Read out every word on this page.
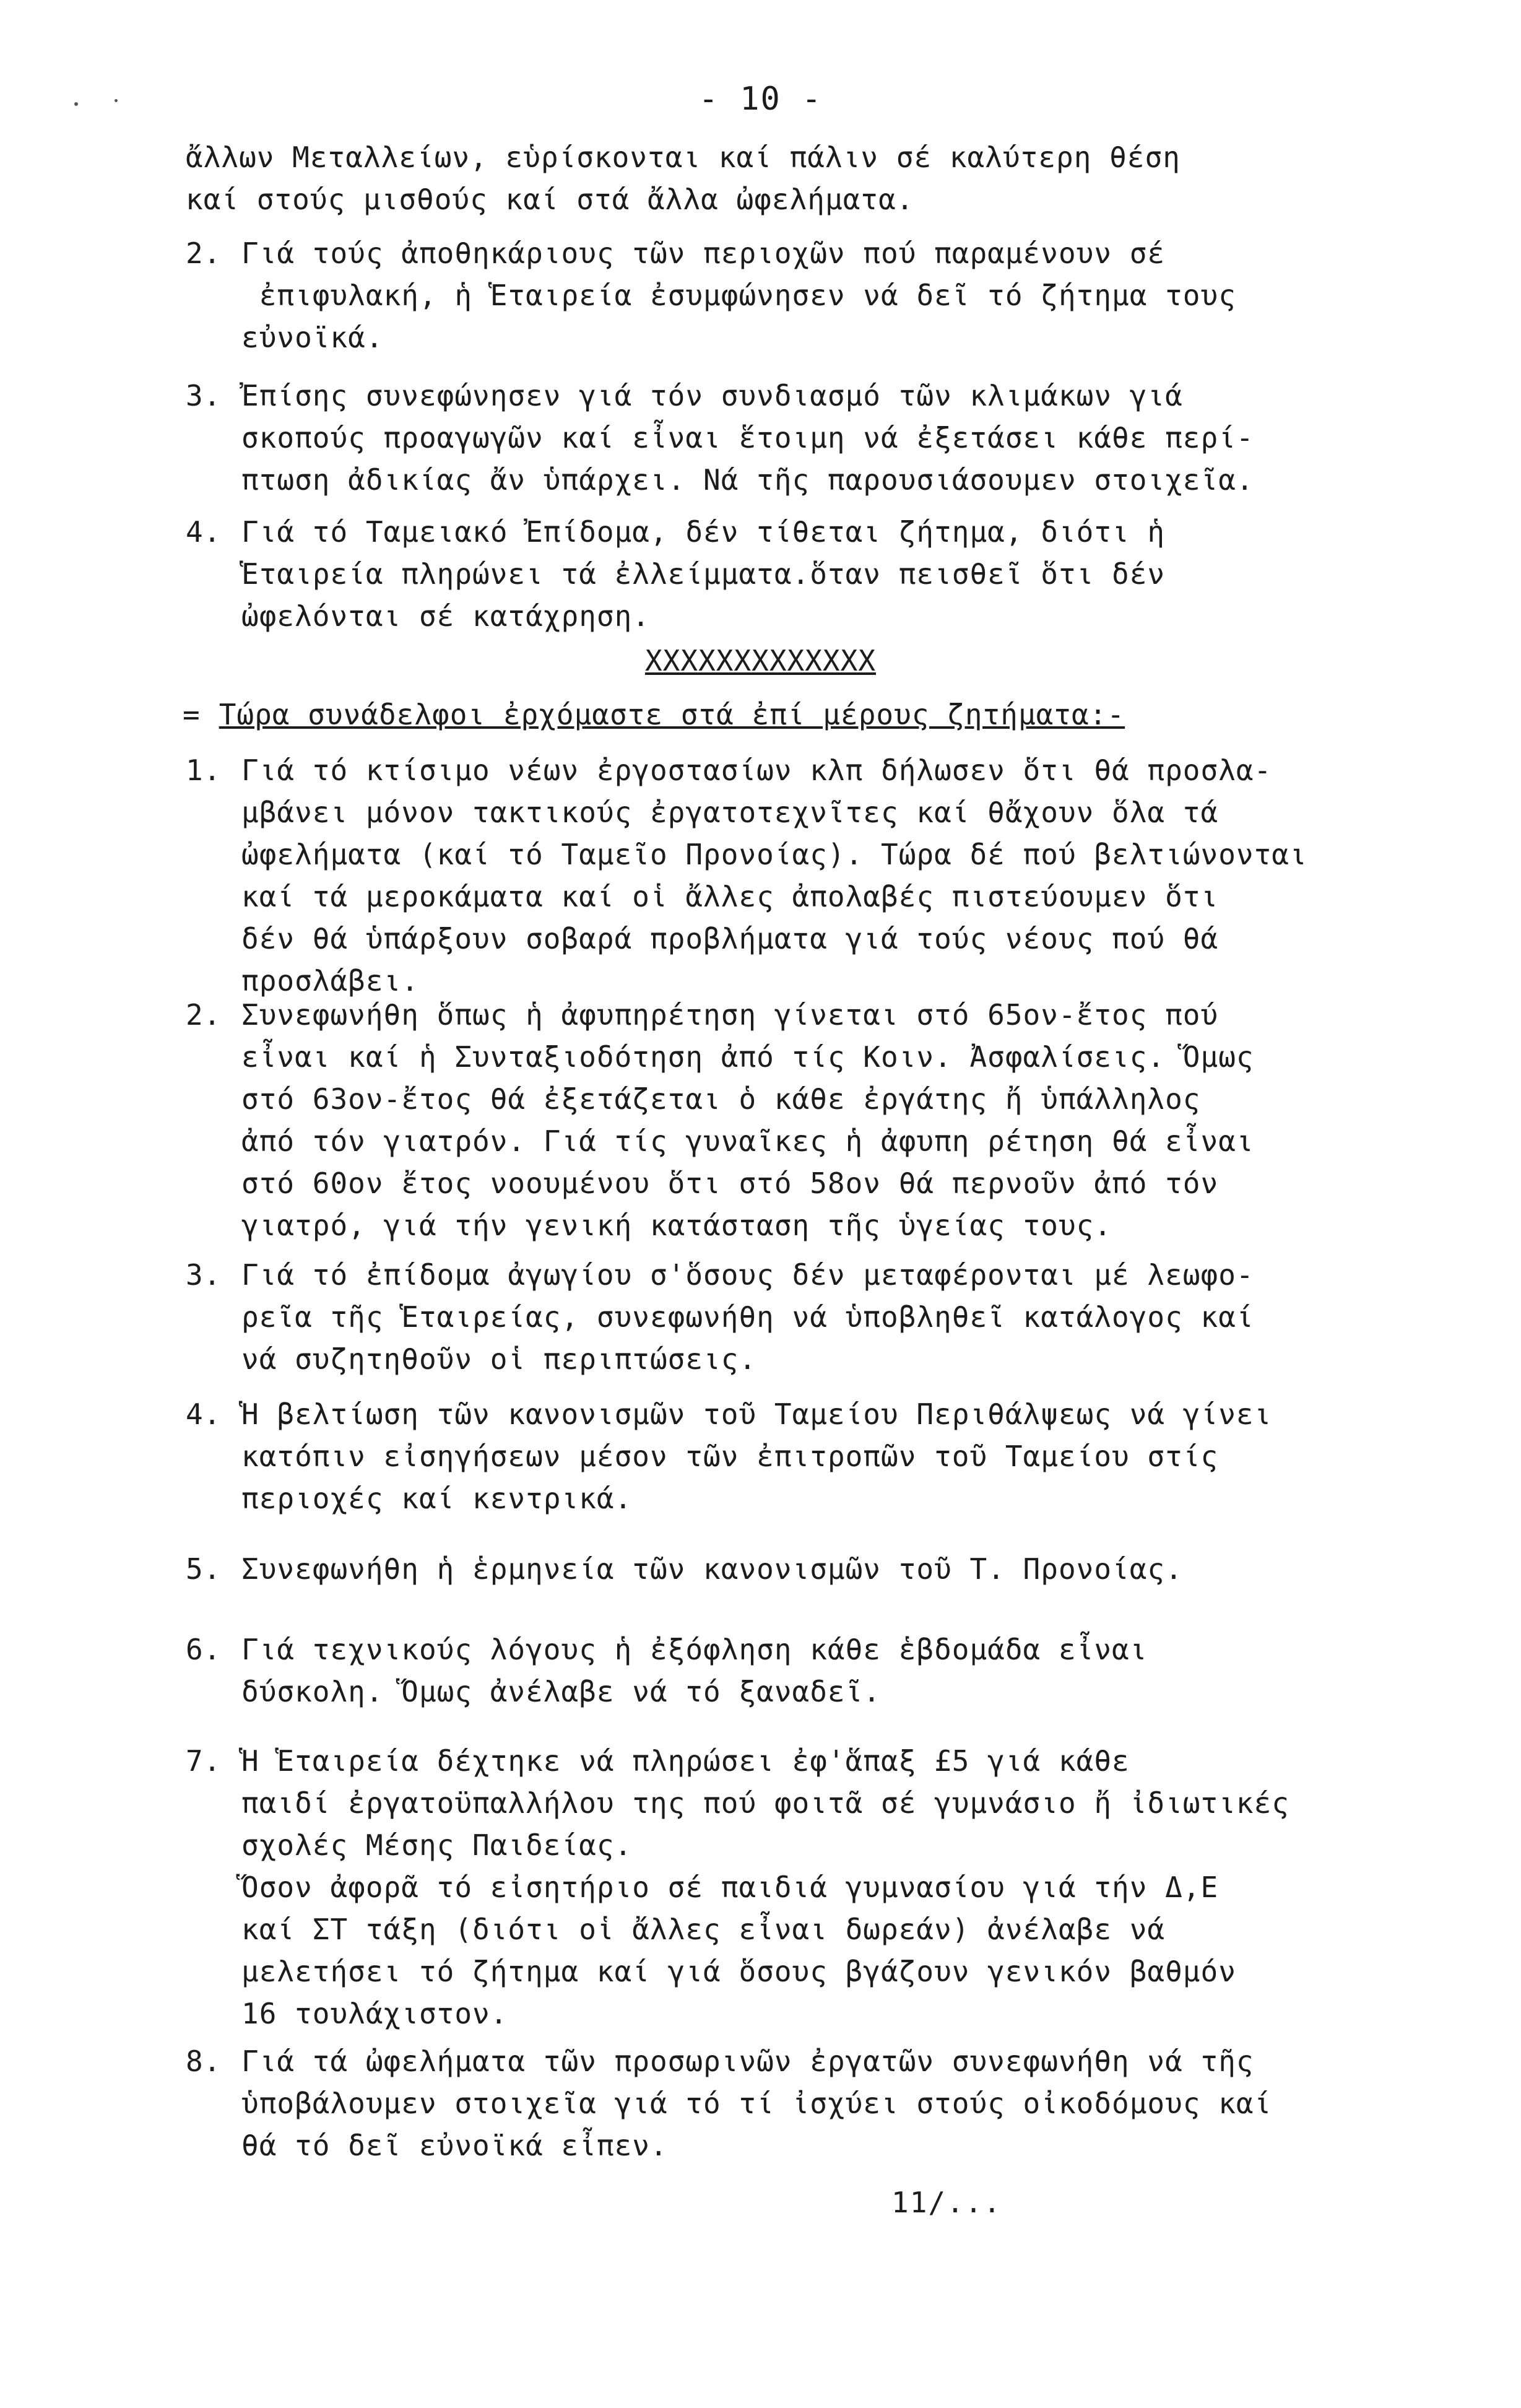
- 10 -
ἄλλων Μεταλλείων, εὑρίσκονται καί πάλιν σέ καλύτερη θέση
καί στούς μισθούς καί στά ἄλλα ὠφελήματα.
2. Γιά τούς ἀποθηκάριους τῶν περιοχῶν πού παραμένουν σέ
ἐπιφυλακή, ἡ Ἑταιρεία ἐσυμφώνησεν νά δεῖ τό ζήτημα τους
εὐνοϊκά.
3. Ἐπίσης συνεφώνησεν γιά τόν συνδιασμό τῶν κλιμάκων γιά
σκοπούς προαγωγῶν καί εἶναι ἕτοιμη νά ἐξετάσει κάθε περί-
πτωση ἀδικίας ἄν ὑπάρχει. Νά τῆς παρουσιάσουμεν στοιχεῖα.
4. Γιά τό Ταμειακό Ἐπίδομα, δέν τίθεται ζήτημα, διότι ἡ
Ἑταιρεία πληρώνει τά ἐλλείμματα.ὅταν πεισθεῖ ὅτι δέν
ὠφελόνται σέ κατάχρηση.
XXXXXXXXXXXXX
= Τώρα συνάδελφοι ἐρχόμαστε στά ἐπί μέρους ζητήματα:-
1. Γιά τό κτίσιμο νέων ἐργοστασίων κλπ δήλωσεν ὅτι θά προσλα-
μβάνει μόνον τακτικούς ἐργατοτεχνῖτες καί θἄχουν ὅλα τά
ὠφελήματα (καί τό Ταμεῖο Προνοίας). Τώρα δέ πού βελτιώνονται
καί τά μεροκάματα καί οἱ ἄλλες ἀπολαβές πιστεύουμεν ὅτι
δέν θά ὑπάρξουν σοβαρά προβλήματα γιά τούς νέους πού θά
προσλάβει.
2. Συνεφωνήθη ὅπως ἡ ἀφυπηρέτηση γίνεται στό 65ον-ἔτος πού
εἶναι καί ἡ Συνταξιοδότηση ἀπό τίς Κοιν. Ἀσφαλίσεις. Ὅμως
στό 63ον-ἔτος θά ἐξετάζεται ὁ κάθε ἐργάτης ἤ ὑπάλληλος
ἀπό τόν γιατρόν. Γιά τίς γυναῖκες ἡ ἀφυπη ρέτηση θά εἶναι
στό 60ον ἔτος νοουμένου ὅτι στό 58ον θά περνοῦν ἀπό τόν
γιατρό, γιά τήν γενική κατάσταση τῆς ὑγείας τους.
3. Γιά τό ἐπίδομα ἀγωγίου σ'ὅσους δέν μεταφέρονται μέ λεωφο-
ρεῖα τῆς Ἑταιρείας, συνεφωνήθη νά ὑποβληθεῖ κατάλογος καί
νά συζητηθοῦν οἱ περιπτώσεις.
4. Ἡ βελτίωση τῶν κανονισμῶν τοῦ Ταμείου Περιθάλψεως νά γίνει
κατόπιν εἰσηγήσεων μέσον τῶν ἐπιτροπῶν τοῦ Ταμείου στίς
περιοχές καί κεντρικά.
5. Συνεφωνήθη ἡ ἑρμηνεία τῶν κανονισμῶν τοῦ Τ. Προνοίας.
6. Γιά τεχνικούς λόγους ἡ ἐξόφληση κάθε ἑβδομάδα εἶναι
δύσκολη. Ὅμως ἀνέλαβε νά τό ξαναδεῖ.
7. Ἡ Ἑταιρεία δέχτηκε νά πληρώσει ἐφ'ἅπαξ £5 γιά κάθε
παιδί ἐργατοϋπαλλήλου της πού φοιτᾶ σέ γυμνάσιο ἤ ἰδιωτικές
σχολές Μέσης Παιδείας.
Ὅσον ἀφορᾶ τό εἰσητήριο σέ παιδιά γυμνασίου γιά τήν Δ,Ε
καί ΣΤ τάξη (διότι οἱ ἄλλες εἶναι δωρεάν) ἀνέλαβε νά
μελετήσει τό ζήτημα καί γιά ὅσους βγάζουν γενικόν βαθμόν
16 τουλάχιστον.
8. Γιά τά ὠφελήματα τῶν προσωρινῶν ἐργατῶν συνεφωνήθη νά τῆς
ὑποβάλουμεν στοιχεῖα γιά τό τί ἰσχύει στούς οἰκοδόμους καί
θά τό δεῖ εὐνοϊκά εἶπεν.
11/...
